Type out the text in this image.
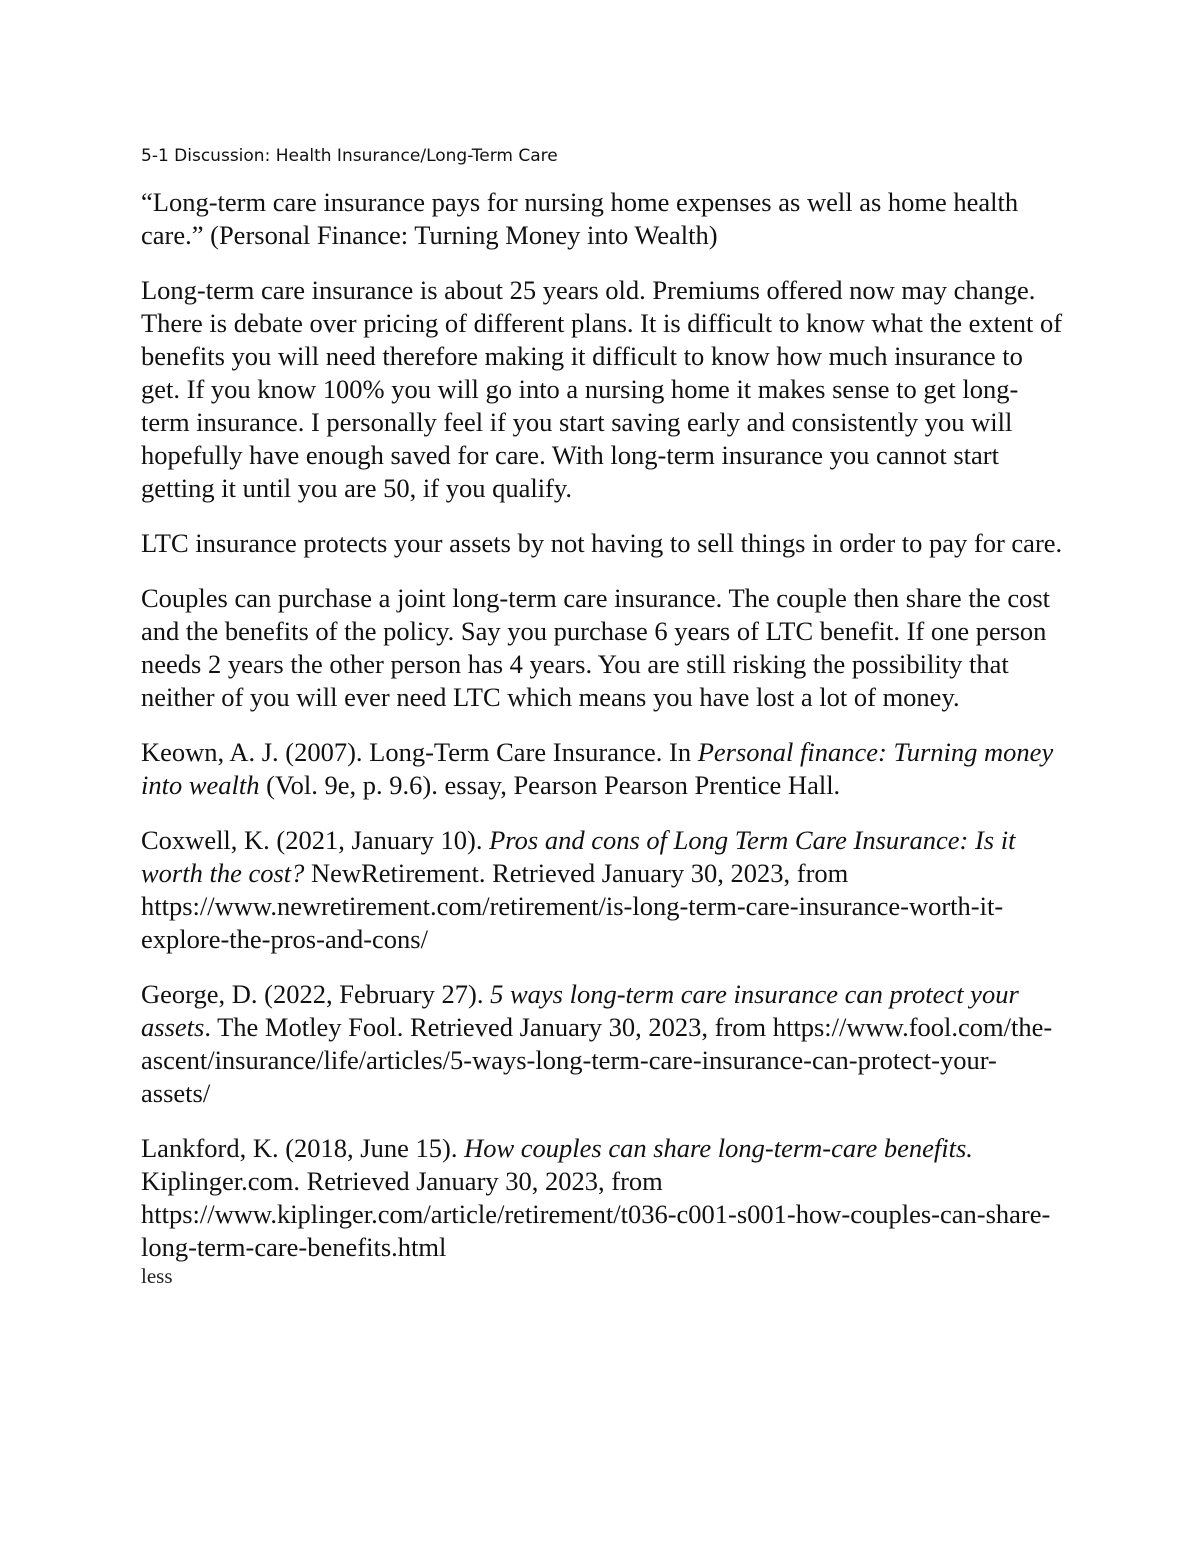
5-1 Discussion: Health Insurance/Long-Term Care

“Long-term care insurance pays for nursing home expenses as well as home health care.” (Personal Finance: Turning Money into Wealth)

Long-term care insurance is about 25 years old. Premiums offered now may change. There is debate over pricing of different plans. It is difficult to know what the extent of benefits you will need therefore making it difficult to know how much insurance to get. If you know 100% you will go into a nursing home it makes sense to get long-term insurance. I personally feel if you start saving early and consistently you will hopefully have enough saved for care. With long-term insurance you cannot start getting it until you are 50, if you qualify.

LTC insurance protects your assets by not having to sell things in order to pay for care.

Couples can purchase a joint long-term care insurance. The couple then share the cost and the benefits of the policy. Say you purchase 6 years of LTC benefit. If one person needs 2 years the other person has 4 years. You are still risking the possibility that neither of you will ever need LTC which means you have lost a lot of money.

Keown, A. J. (2007). Long-Term Care Insurance. In Personal finance: Turning money into wealth (Vol. 9e, p. 9.6). essay, Pearson Pearson Prentice Hall.

Coxwell, K. (2021, January 10). Pros and cons of Long Term Care Insurance: Is it worth the cost? NewRetirement. Retrieved January 30, 2023, from https://www.newretirement.com/retirement/is-long-term-care-insurance-worth-it-explore-the-pros-and-cons/

George, D. (2022, February 27). 5 ways long-term care insurance can protect your assets. The Motley Fool. Retrieved January 30, 2023, from https://www.fool.com/the-ascent/insurance/life/articles/5-ways-long-term-care-insurance-can-protect-your-assets/

Lankford, K. (2018, June 15). How couples can share long-term-care benefits. Kiplinger.com. Retrieved January 30, 2023, from https://www.kiplinger.com/article/retirement/t036-c001-s001-how-couples-can-share-long-term-care-benefits.html

less
